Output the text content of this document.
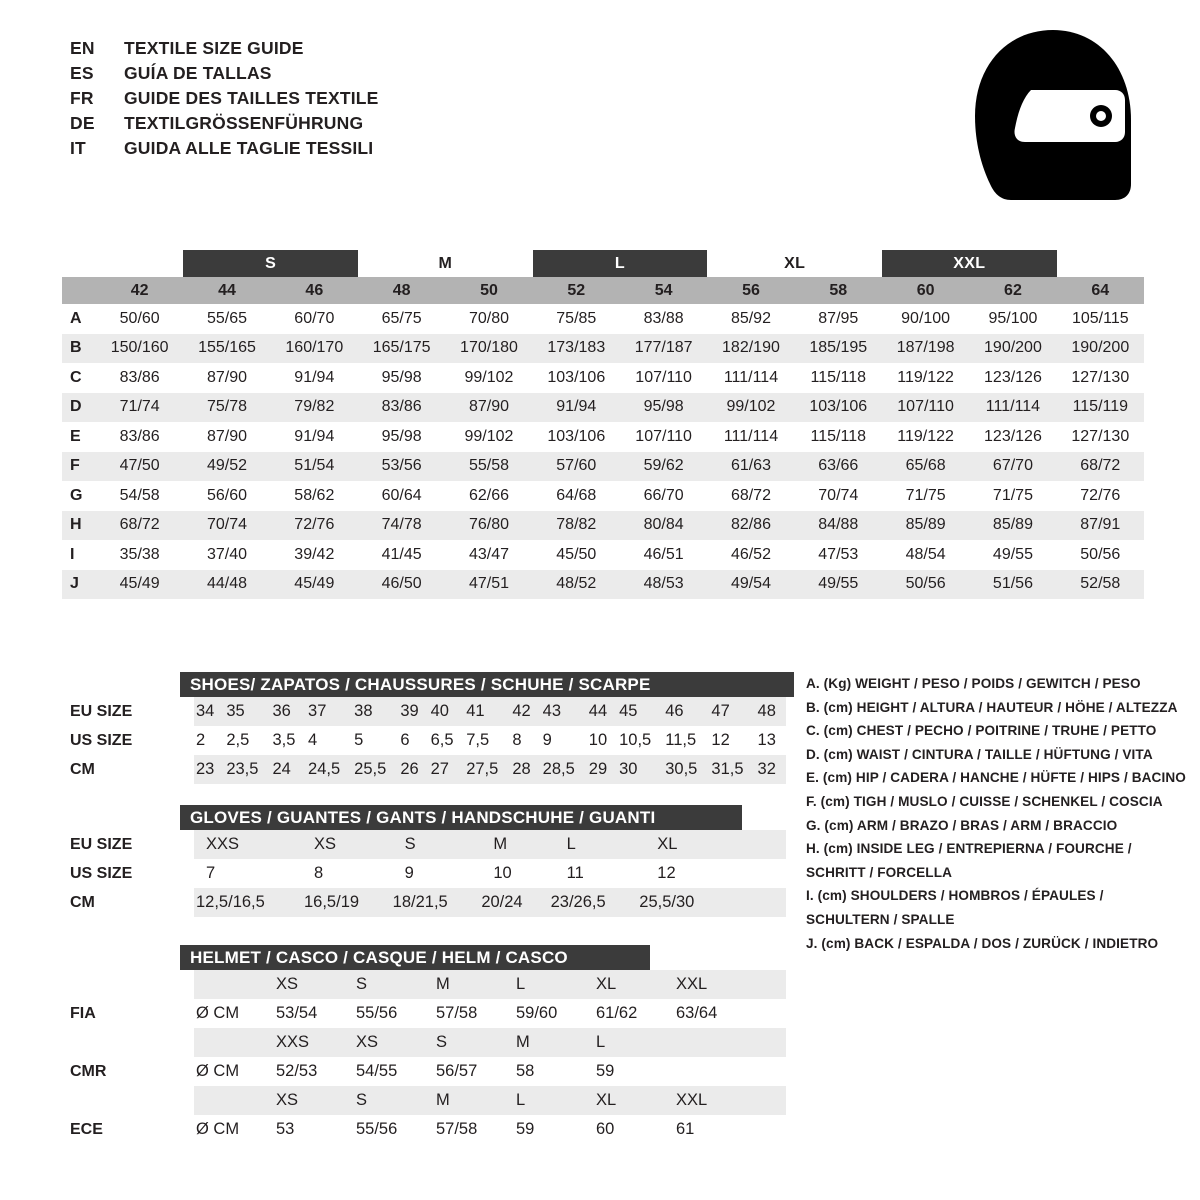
EN	TEXTILE SIZE GUIDE
ES	GUÍA DE TALLAS
FR	GUIDE DES TAILLES TEXTILE
DE	TEXTILGRÖSSENFÜHRUNG
IT	GUIDA ALLE TAGLIE TESSILI
		S		M		L		XL		XXL		
	42	44	46	48	50	52	54	56	58	60	62	64
A	50/60	55/65	60/70	65/75	70/80	75/85	83/88	85/92	87/95	90/100	95/100	105/115
B	150/160	155/165	160/170	165/175	170/180	173/183	177/187	182/190	185/195	187/198	190/200	190/200
C	83/86	87/90	91/94	95/98	99/102	103/106	107/110	111/114	115/118	119/122	123/126	127/130
D	71/74	75/78	79/82	83/86	87/90	91/94	95/98	99/102	103/106	107/110	111/114	115/119
E	83/86	87/90	91/94	95/98	99/102	103/106	107/110	111/114	115/118	119/122	123/126	127/130
F	47/50	49/52	51/54	53/56	55/58	57/60	59/62	61/63	63/66	65/68	67/70	68/72
G	54/58	56/60	58/62	60/64	62/66	64/68	66/70	68/72	70/74	71/75	71/75	72/76
H	68/72	70/74	72/76	74/78	76/80	78/82	80/84	82/86	84/88	85/89	85/89	87/91
I	35/38	37/40	39/42	41/45	43/47	45/50	46/51	46/52	47/53	48/54	49/55	50/56
J	45/49	44/48	45/49	46/50	47/51	48/52	48/53	49/54	49/55	50/56	51/56	52/58
SHOES/ ZAPATOS / CHAUSSURES / SCHUHE / SCARPE
EU SIZE	34	35	36	37	38	39	40	41	42	43	44	45	46	47	48
US SIZE	2	2,5	3,5	4	5	6	6,5	7,5	8	9	10	10,5	11,5	12	13
CM	23	23,5	24	24,5	25,5	26	27	27,5	28	28,5	29	30	30,5	31,5	32
GLOVES / GUANTES / GANTS / HANDSCHUHE / GUANTI
EU SIZE	XXS	XS	S	M	L	XL	
US SIZE	7	8	9	10	11	12	
CM	12,5/16,5	16,5/19	18/21,5	20/24	23/26,5	25,5/30	
HELMET / CASCO / CASQUE / HELM / CASCO
		XS	S	M	L	XL	XXL	
FIA	Ø CM	53/54	55/56	57/58	59/60	61/62	63/64	
		XXS	XS	S	M	L		
CMR	Ø CM	52/53	54/55	56/57	58	59		
		XS	S	M	L	XL	XXL	
ECE	Ø CM	53	55/56	57/58	59	60	61	
A. (Kg) WEIGHT / PESO / POIDS / GEWITCH / PESO
B. (cm) HEIGHT / ALTURA / HAUTEUR / HÖHE / ALTEZZA
C. (cm) CHEST / PECHO / POITRINE / TRUHE / PETTO
D. (cm) WAIST / CINTURA / TAILLE / HÜFTUNG / VITA
E. (cm) HIP / CADERA / HANCHE / HÜFTE / HIPS / BACINO
F. (cm) TIGH / MUSLO / CUISSE / SCHENKEL / COSCIA
G. (cm) ARM / BRAZO / BRAS / ARM / BRACCIO
H. (cm) INSIDE LEG / ENTREPIERNA / FOURCHE /
SCHRITT / FORCELLA
I. (cm) SHOULDERS / HOMBROS / ÉPAULES /
SCHULTERN / SPALLE
J. (cm) BACK / ESPALDA / DOS / ZURÜCK / INDIETRO
